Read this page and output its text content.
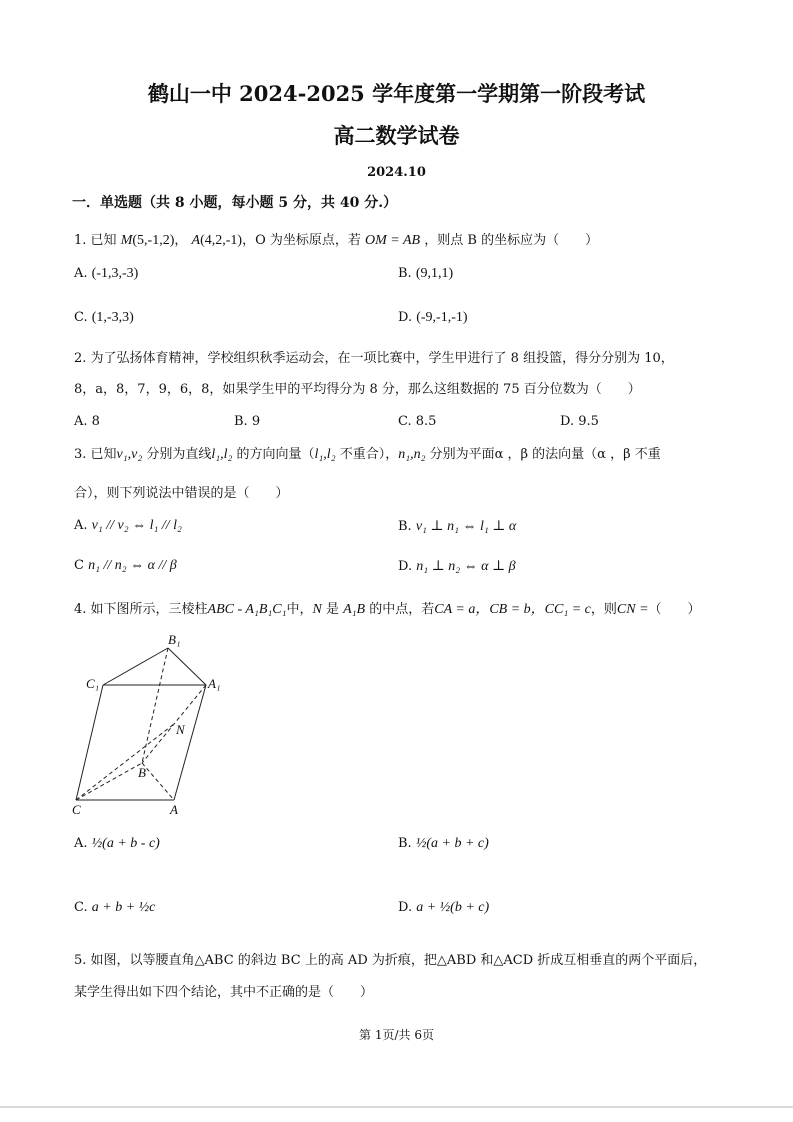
鹤山一中 2024-2025 学年度第一学期第一阶段考试
高二数学试卷
2024.10
一．单选题（共 8 小题，每小题 5 分，共 40 分.）
1. 已知 M(5,-1,2)， A(4,2,-1)，O 为坐标原点，若 OM = AB ，则点 B 的坐标应为（　　）
A. (-1,3,-3)	B. (9,1,1)
C. (1,-3,3)	D. (-9,-1,-1)
2. 为了弘扬体育精神，学校组织秋季运动会，在一项比赛中，学生甲进行了 8 组投篮，得分分别为 10，
8，a，8，7，9，6，8，如果学生甲的平均得分为 8 分，那么这组数据的 75 百分位数为（　　）
A. 8	B. 9	C. 8.5	D. 9.5
3. 已知v₁,v₂ 分别为直线l₁,l₂ 的方向向量（l₁,l₂ 不重合），n₁,n₂ 分别为平面α ，β 的法向量（α ，β 不重
合），则下列说法中错误的是（　　）
A. v₁ // v₂ ⇔ l₁ // l₂	B. v₁ ⊥ n₁ ⇔ l₁ ⊥ α
C n₁ // n₂ ⇔ α // β	D. n₁ ⊥ n₂ ⇔ α ⊥ β
4. 如下图所示，三棱柱ABC - A₁B₁C₁中，N 是 A₁B 的中点，若CA = a，CB = b，CC₁ = c，则CN =（　　）
B₁
C₁	A₁
N
B
C	A
A. ½(a + b - c)	B. ½(a + b + c)
C. a + b + ½c	D. a + ½(b + c)
5. 如图，以等腰直角△ABC 的斜边 BC 上的高 AD 为折痕，把△ABD 和△ACD 折成互相垂直的两个平面后，
某学生得出如下四个结论，其中不正确的是（　　）
第 1页/共 6页
